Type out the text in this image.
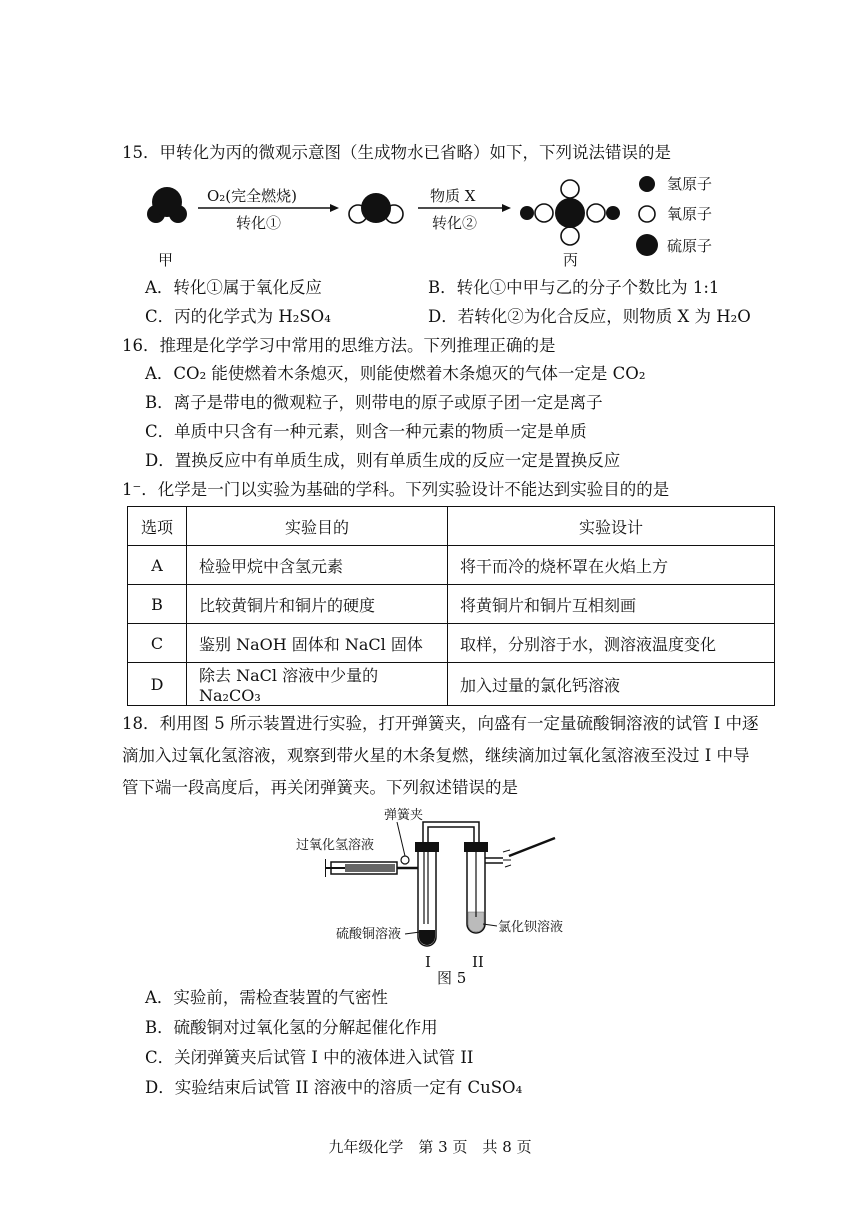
15．甲转化为丙的微观示意图（生成物水已省略）如下，下列说法错误的是
O₂(完全燃烧)
转化①
物质 X
转化②
甲	丙
氢原子
氧原子
硫原子
A．转化①属于氧化反应	B．转化①中甲与乙的分子个数比为 1:1
C．丙的化学式为 H₂SO₄	D．若转化②为化合反应，则物质 X 为 H₂O
16．推理是化学学习中常用的思维方法。下列推理正确的是
A．CO₂ 能使燃着木条熄灭，则能使燃着木条熄灭的气体一定是 CO₂
B．离子是带电的微观粒子，则带电的原子或原子团一定是离子
C．单质中只含有一种元素，则含一种元素的物质一定是单质
D．置换反应中有单质生成，则有单质生成的反应一定是置换反应
1⁻．化学是一门以实验为基础的学科。下列实验设计不能达到实验目的的是
选项	实验目的	实验设计
A	检验甲烷中含氢元素	将干而冷的烧杯罩在火焰上方
B	比较黄铜片和铜片的硬度	将黄铜片和铜片互相刻画
C	鉴别 NaOH 固体和 NaCl 固体	取样，分别溶于水，测溶液温度变化
D	除去 NaCl 溶液中少量的 Na₂CO₃	加入过量的氯化钙溶液
18．利用图 5 所示装置进行实验，打开弹簧夹，向盛有一定量硫酸铜溶液的试管 I 中逐
滴加入过氧化氢溶液，观察到带火星的木条复燃，继续滴加过氧化氢溶液至没过 I 中导
管下端一段高度后，再关闭弹簧夹。下列叙述错误的是
弹簧夹
过氧化氢溶液
硫酸铜溶液	氯化钡溶液
I	II
图 5
A．实验前，需检查装置的气密性
B．硫酸铜对过氧化氢的分解起催化作用
C．关闭弹簧夹后试管 I 中的液体进入试管 II
D．实验结束后试管 II 溶液中的溶质一定有 CuSO₄
九年级化学　第 3 页　共 8 页
